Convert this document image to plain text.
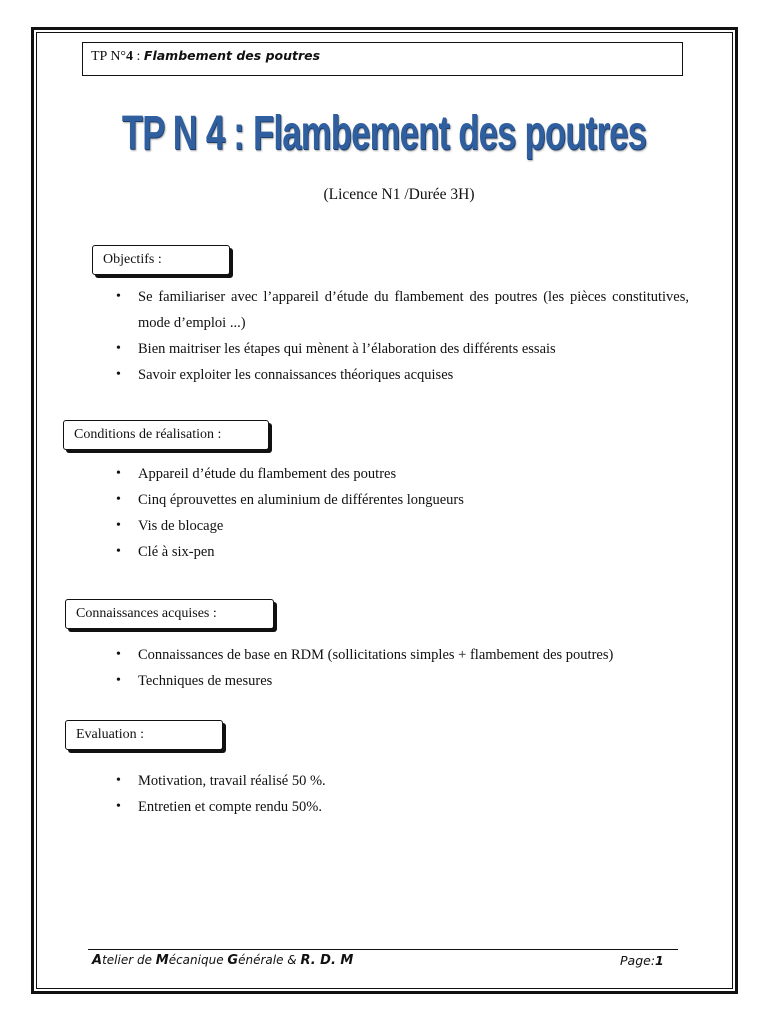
TP N°4 : Flambement des poutres
TP N 4 : Flambement des poutres
(Licence N1 /Durée 3H)
Objectifs :
• Se familiariser avec l’appareil d’étude du flambement des poutres (les pièces constitutives, mode d’emploi ...)
• Bien maitriser les étapes qui mènent à l’élaboration des différents essais
• Savoir exploiter les connaissances théoriques acquises
Conditions de réalisation :
• Appareil d’étude du flambement des poutres
• Cinq éprouvettes en aluminium de différentes longueurs
• Vis de blocage
• Clé à six-pen
Connaissances acquises :
• Connaissances de base en RDM (sollicitations simples + flambement des poutres)
• Techniques de mesures
Evaluation :
• Motivation, travail réalisé 50 %.
• Entretien et compte rendu 50%.
Atelier de Mécanique Générale & R. D. M	Page:1
